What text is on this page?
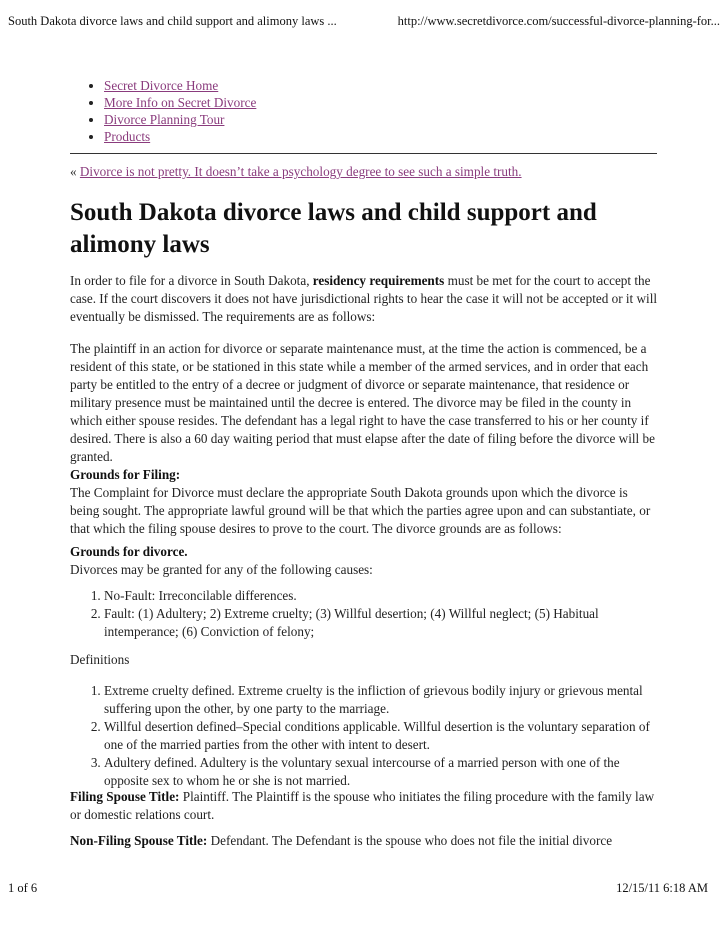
South Dakota divorce laws and child support and alimony laws ...	http://www.secretdivorce.com/successful-divorce-planning-for...
• Secret Divorce Home
• More Info on Secret Divorce
• Divorce Planning Tour
• Products
« Divorce is not pretty. It doesn’t take a psychology degree to see such a simple truth.
South Dakota divorce laws and child support and alimony laws

In order to file for a divorce in South Dakota, residency requirements must be met for the court to accept the case. If the court discovers it does not have jurisdictional rights to hear the case it will not be accepted or it will eventually be dismissed. The requirements are as follows:

The plaintiff in an action for divorce or separate maintenance must, at the time the action is commenced, be a resident of this state, or be stationed in this state while a member of the armed services, and in order that each party be entitled to the entry of a decree or judgment of divorce or separate maintenance, that residence or military presence must be maintained until the decree is entered. The divorce may be filed in the county in which either spouse resides. The defendant has a legal right to have the case transferred to his or her county if desired. There is also a 60 day waiting period that must elapse after the date of filing before the divorce will be granted.

Grounds for Filing:

The Complaint for Divorce must declare the appropriate South Dakota grounds upon which the divorce is being sought. The appropriate lawful ground will be that which the parties agree upon and can substantiate, or that which the filing spouse desires to prove to the court. The divorce grounds are as follows:

Grounds for divorce.

Divorces may be granted for any of the following causes:

1. No-Fault: Irreconcilable differences.
2. Fault: (1) Adultery; 2) Extreme cruelty; (3) Willful desertion; (4) Willful neglect; (5) Habitual intemperance; (6) Conviction of felony;

Definitions

1. Extreme cruelty defined. Extreme cruelty is the infliction of grievous bodily injury or grievous mental suffering upon the other, by one party to the marriage.
2. Willful desertion defined–Special conditions applicable. Willful desertion is the voluntary separation of one of the married parties from the other with intent to desert.
3. Adultery defined. Adultery is the voluntary sexual intercourse of a married person with one of the opposite sex to whom he or she is not married.

Filing Spouse Title: Plaintiff. The Plaintiff is the spouse who initiates the filing procedure with the family law or domestic relations court.

Non-Filing Spouse Title: Defendant. The Defendant is the spouse who does not file the initial divorce

1 of 6	12/15/11 6:18 AM
